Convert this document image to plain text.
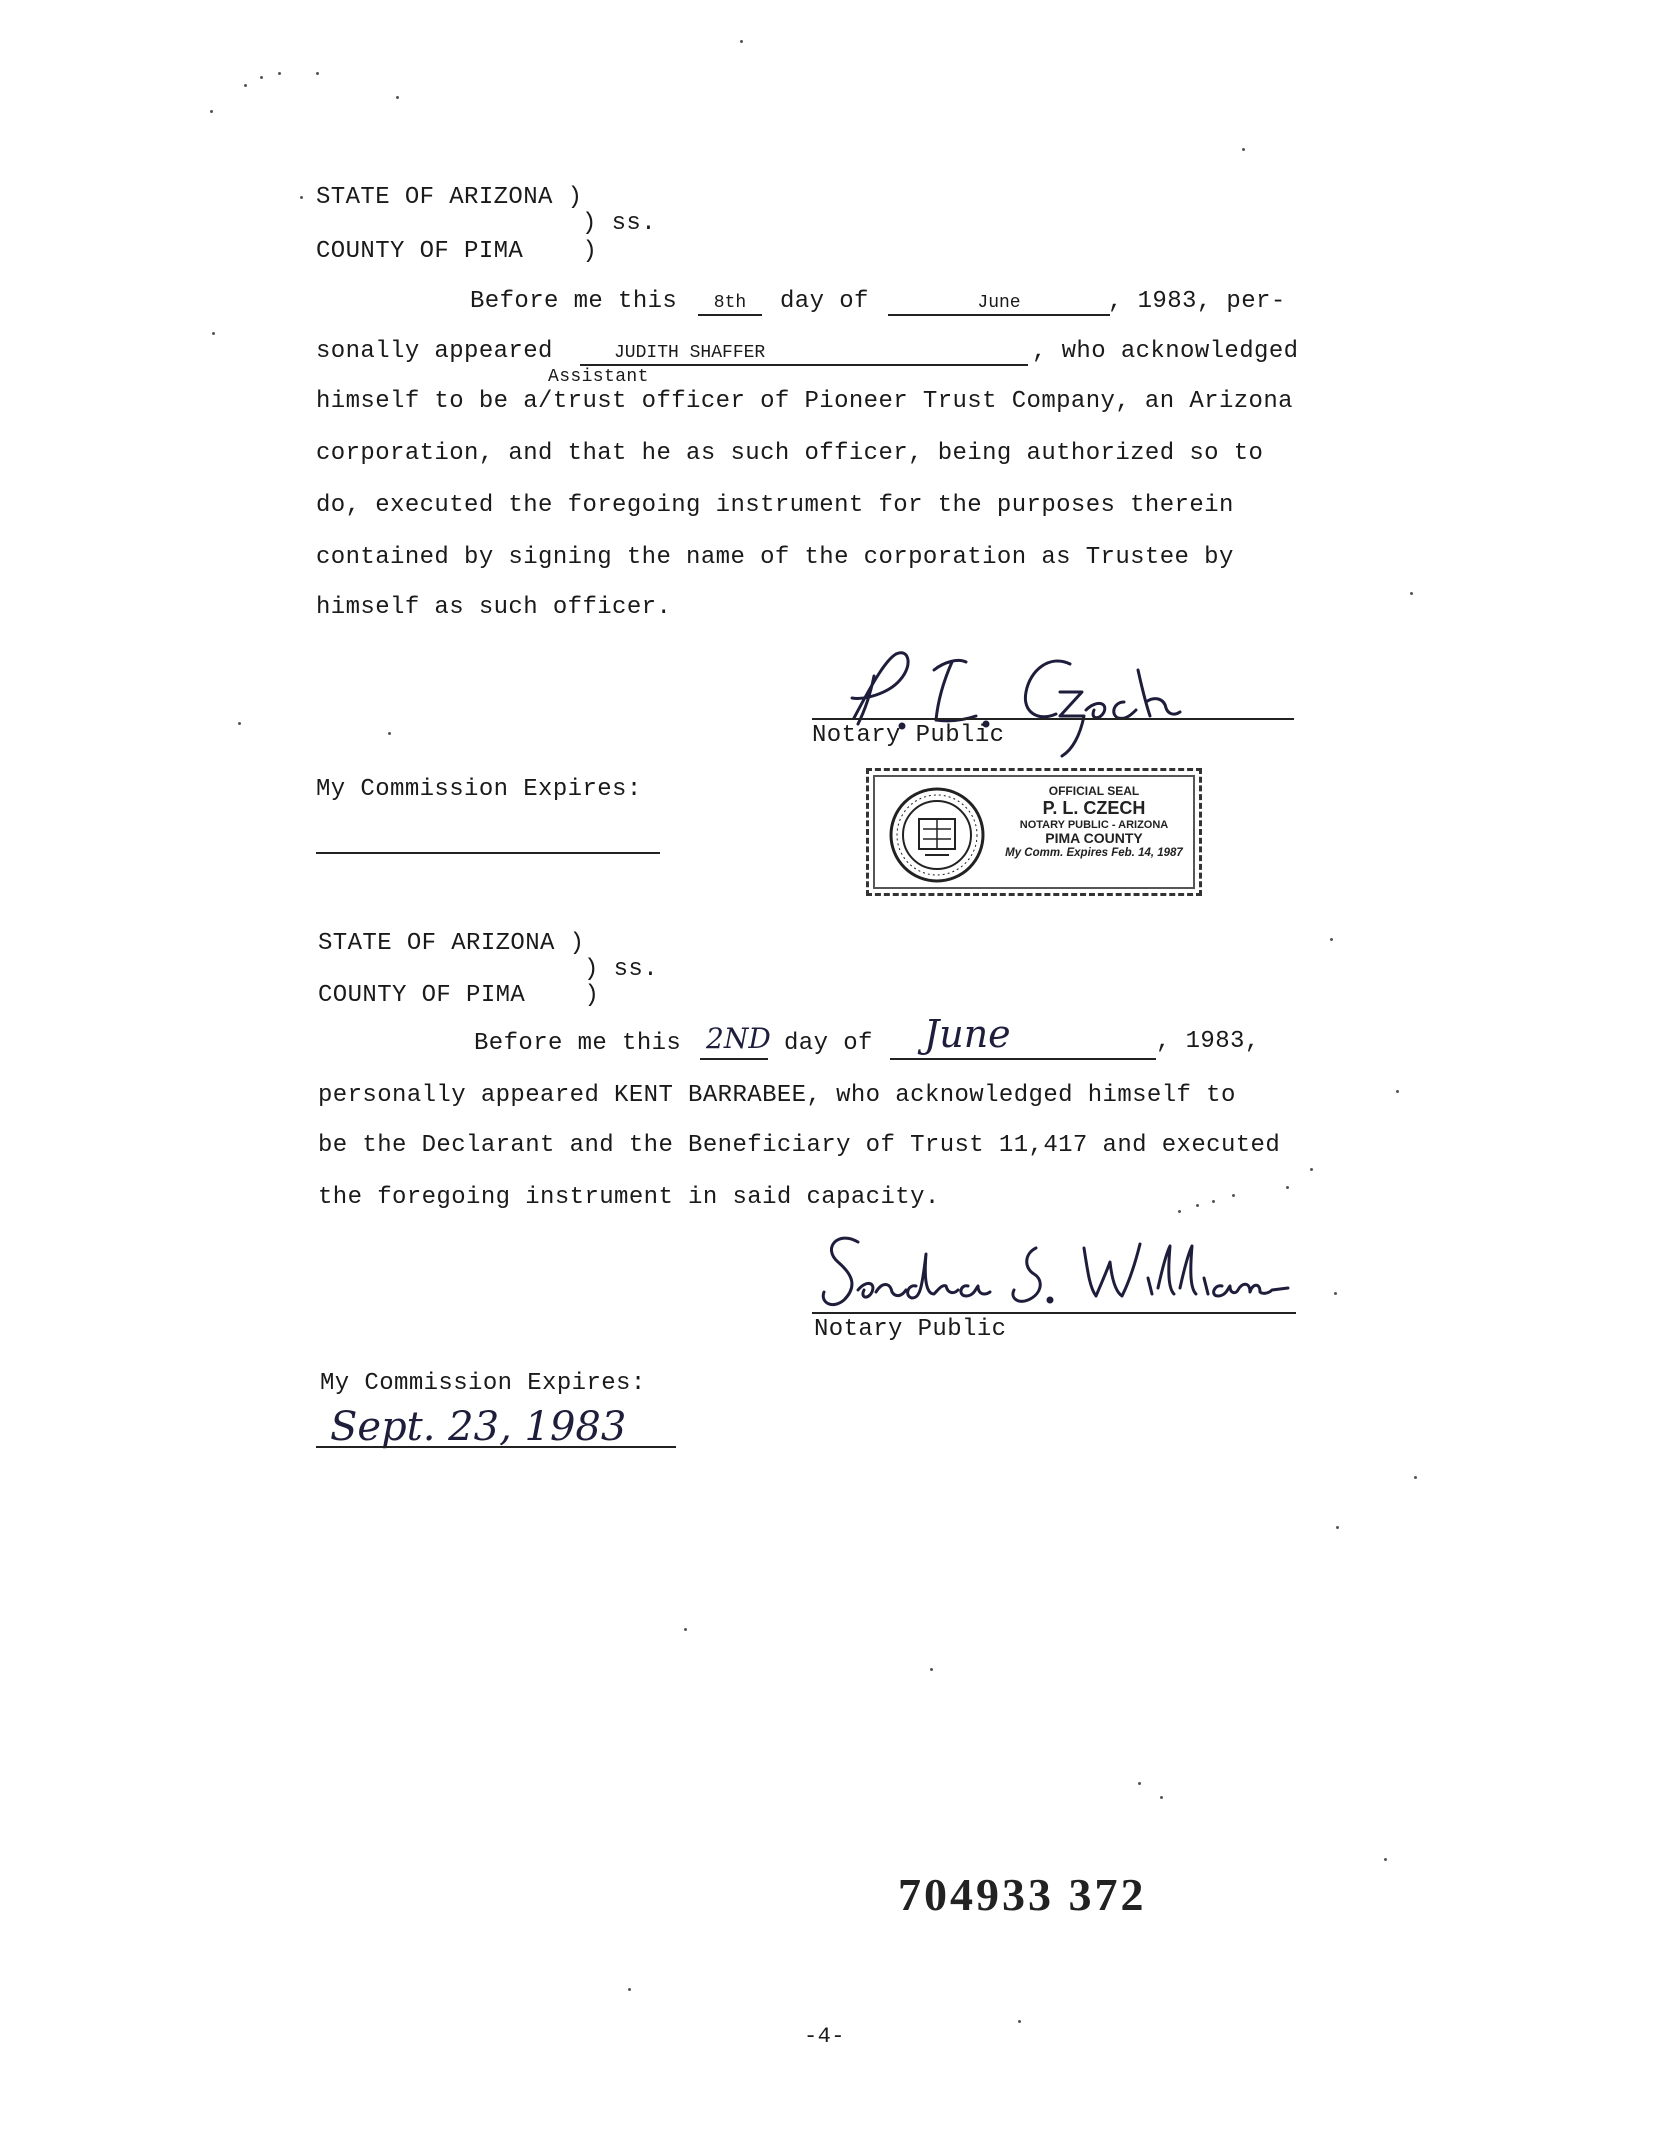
STATE OF ARIZONA )
) ss.
COUNTY OF PIMA    )
Before me this	8th	day of	June	, 1983, per-
sonally appeared	JUDITH SHAFFER	, who acknowledged
Assistant
himself to be a/trust officer of Pioneer Trust Company, an Arizona
corporation, and that he as such officer, being authorized so to
do, executed the foregoing instrument for the purposes therein
contained by signing the name of the corporation as Trustee by
himself as such officer.
Notary Public
My Commission Expires:	OFFICIAL SEAL
P. L. CZECH
NOTARY PUBLIC - ARIZONA
PIMA COUNTY
My Comm. Expires Feb. 14, 1987
STATE OF ARIZONA )
) ss.
COUNTY OF PIMA    )
Before me this 2ND day of June	, 1983,
personally appeared KENT BARRABEE, who acknowledged himself to
be the Declarant and the Beneficiary of Trust 11,417 and executed
the foregoing instrument in said capacity.
Notary Public
My Commission Expires:
Sept. 23, 1983
704933 372
-4-
